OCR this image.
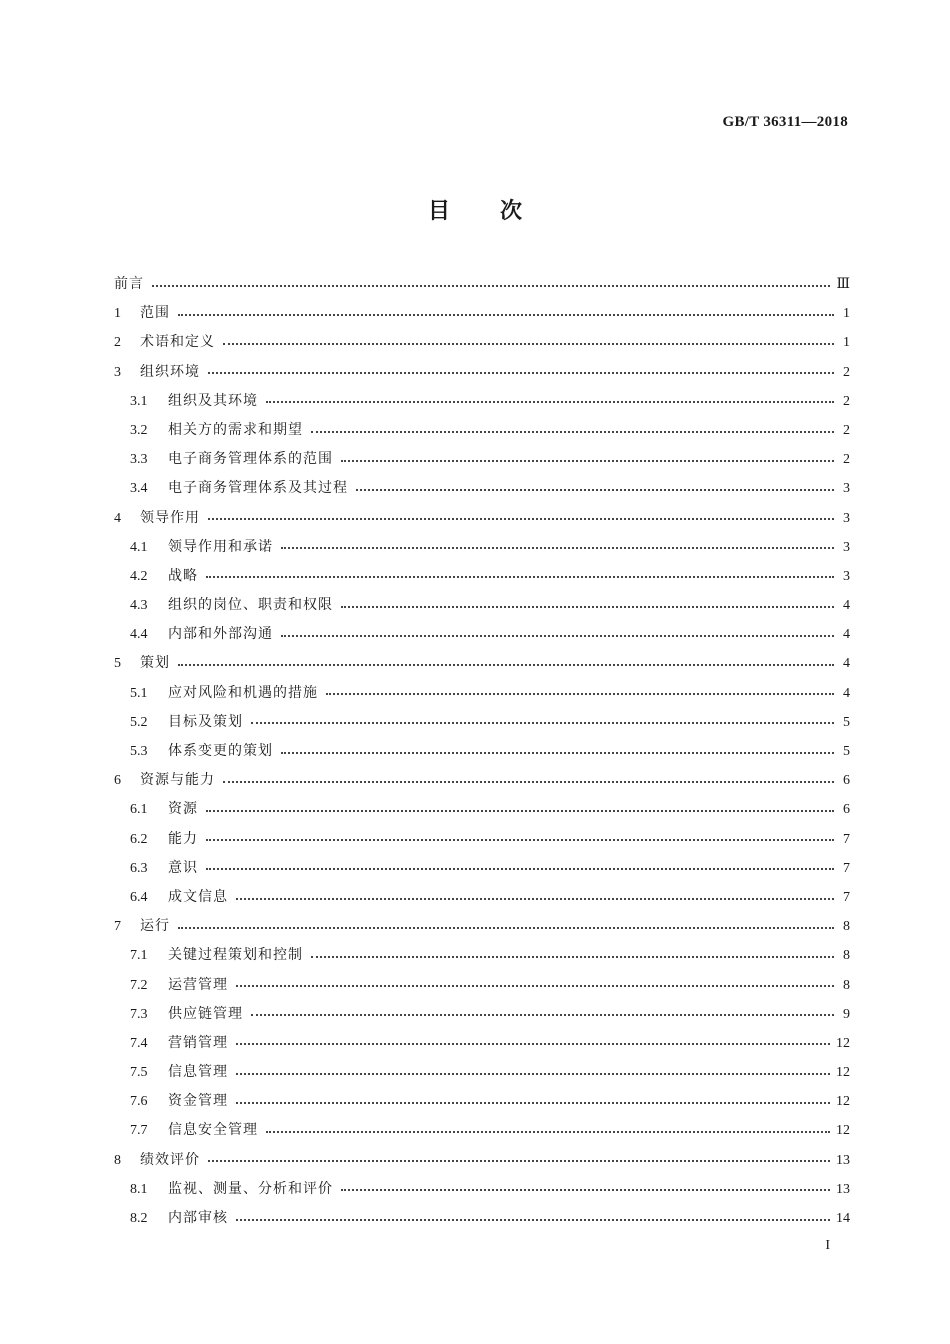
GB/T 36311—2018
目次
前言	Ⅲ
1	范围	1
2	术语和定义	1
3	组织环境	2
3.1	组织及其环境	2
3.2	相关方的需求和期望	2
3.3	电子商务管理体系的范围	2
3.4	电子商务管理体系及其过程	3
4	领导作用	3
4.1	领导作用和承诺	3
4.2	战略	3
4.3	组织的岗位、职责和权限	4
4.4	内部和外部沟通	4
5	策划	4
5.1	应对风险和机遇的措施	4
5.2	目标及策划	5
5.3	体系变更的策划	5
6	资源与能力	6
6.1	资源	6
6.2	能力	7
6.3	意识	7
6.4	成文信息	7
7	运行	8
7.1	关键过程策划和控制	8
7.2	运营管理	8
7.3	供应链管理	9
7.4	营销管理	12
7.5	信息管理	12
7.6	资金管理	12
7.7	信息安全管理	12
8	绩效评价	13
8.1	监视、测量、分析和评价	13
8.2	内部审核	14
I
